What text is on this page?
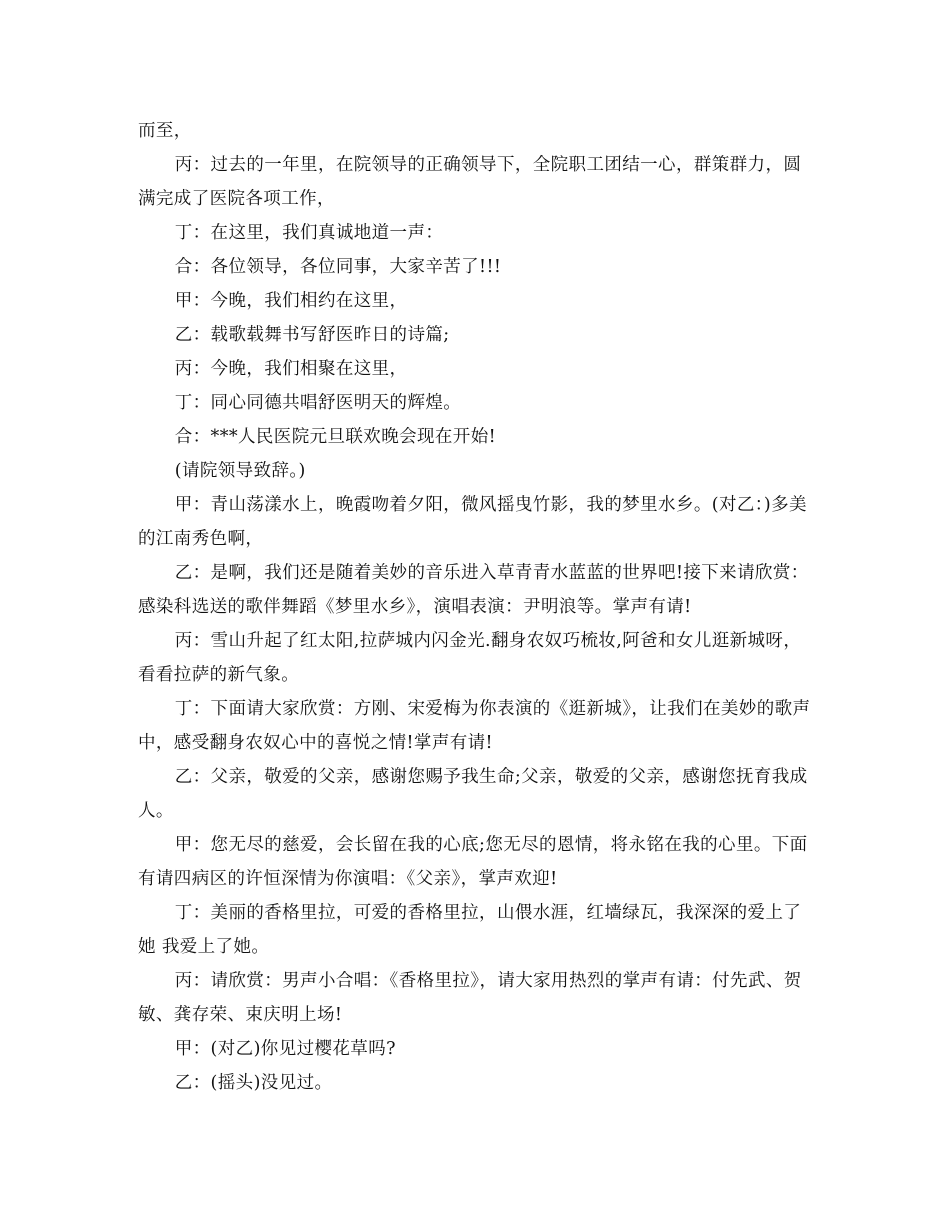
而至，

丙：过去的一年里，在院领导的正确领导下，全院职工团结一心，群策群力，圆满完成了医院各项工作，

丁：在这里，我们真诚地道一声：

合：各位领导，各位同事，大家辛苦了!!!

甲：今晚，我们相约在这里，

乙：载歌载舞书写舒医昨日的诗篇;

丙：今晚，我们相聚在这里，

丁：同心同德共唱舒医明天的辉煌。

合：***人民医院元旦联欢晚会现在开始!

(请院领导致辞。)

甲：青山荡漾水上，晚霞吻着夕阳，微风摇曳竹影，我的梦里水乡。(对乙：)多美的江南秀色啊，

乙：是啊，我们还是随着美妙的音乐进入草青青水蓝蓝的世界吧!接下来请欣赏：感染科选送的歌伴舞蹈《梦里水乡》，演唱表演：尹明浪等。掌声有请!

丙：雪山升起了红太阳,拉萨城内闪金光.翻身农奴巧梳妆,阿爸和女儿逛新城呀，看看拉萨的新气象。

丁：下面请大家欣赏：方刚、宋爱梅为你表演的《逛新城》，让我们在美妙的歌声中，感受翻身农奴心中的喜悦之情!掌声有请!

乙：父亲，敬爱的父亲，感谢您赐予我生命;父亲，敬爱的父亲，感谢您抚育我成人。

甲：您无尽的慈爱，会长留在我的心底;您无尽的恩情，将永铭在我的心里。下面有请四病区的许恒深情为你演唱：《父亲》，掌声欢迎!

丁：美丽的香格里拉，可爱的香格里拉，山偎水涯，红墙绿瓦，我深深的爱上了她 我爱上了她。

丙：请欣赏：男声小合唱：《香格里拉》，请大家用热烈的掌声有请：付先武、贺敏、龚存荣、束庆明上场!

甲：(对乙)你见过樱花草吗?

乙：(摇头)没见过。
